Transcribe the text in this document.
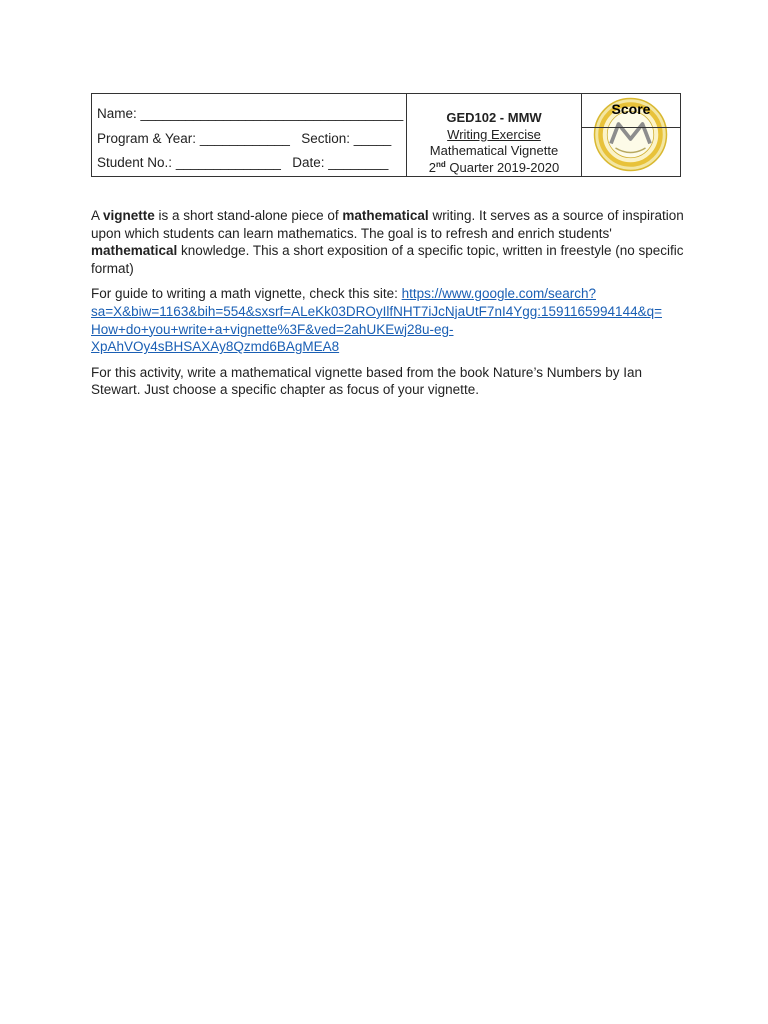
Name: ___________________________________
Program & Year: ____________ Section: _____
Student No.: ______________ Date: ________
GED102 - MMW
Writing Exercise
Mathematical Vignette
2nd Quarter 2019-2020
Score

A vignette is a short stand-alone piece of mathematical writing. It serves as a source of inspiration upon which students can learn mathematics. The goal is to refresh and enrich students' mathematical knowledge. This a short exposition of a specific topic, written in freestyle (no specific format)

For guide to writing a math vignette, check this site: https://www.google.com/search?
sa=X&biw=1163&bih=554&sxsrf=ALeKk03DROyIlfNHT7iJcNjaUtF7nI4Ygg:1591165994144&q=
How+do+you+write+a+vignette%3F&ved=2ahUKEwj28u-eg-
XpAhVOy4sBHSAXAy8Qzmd6BAgMEA8

For this activity, write a mathematical vignette based from the book Nature’s Numbers by Ian Stewart. Just choose a specific chapter as focus of your vignette.
